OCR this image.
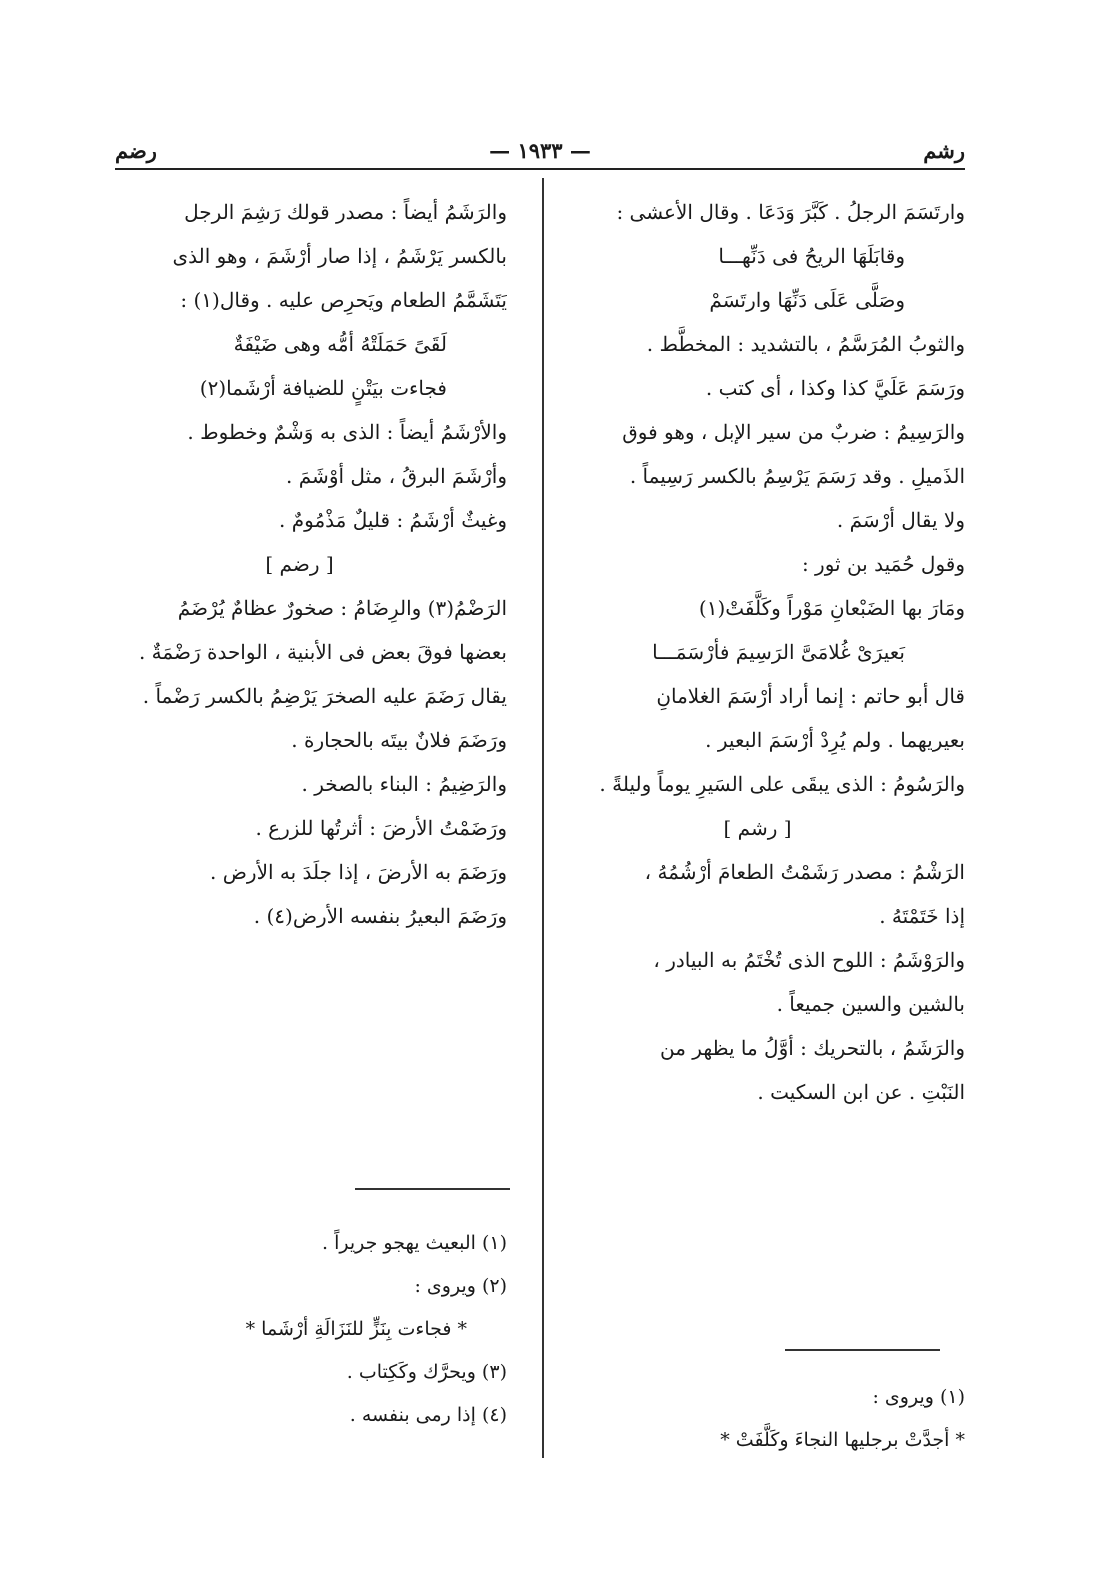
رشم
— ١٩٣٣ —
رضم
وارتَسَمَ الرجلُ . كَبَّرَ وَدَعَا . وقال الأعشى :
وقابَلَهَا الريحُ فى دَنِّهـــا
وصَلَّى عَلَى دَنِّهَا وارتَسَمْ
والثوبُ المُرَسَّمُ ، بالتشديد : المخطَّط .
ورَسَمَ عَلَيَّ كذا وكذا ، أى كتب .
والرَسِيمُ : ضربٌ من سير الإبل ، وهو فوق
الذَميلِ . وقد رَسَمَ يَرْسِمُ بالكسر رَسِيماً .
ولا يقال أرْسَمَ .
وقول حُمَيد بن ثور :
ومَارَ بها الضَبْعانِ مَوْراً وكَلَّفَتْ(١)
بَعيرَىْ غُلامَىَّ الرَسِيمَ فأرْسَمَـــا
قال أبو حاتم : إنما أراد أرْسَمَ الغلامانِ
بعيريهما . ولم يُرِدْ أرْسَمَ البعير .
والرَسُومُ : الذى يبقَى على السَيرِ يوماً وليلةً .
[ رشم ]
الرَشْمُ : مصدر رَشَمْتُ الطعامَ أرْشُمُهُ ،
إذا خَتَمْتَهُ .
والرَوْشَمُ : اللوح الذى تُخْتَمُ به البيادر ،
بالشين والسين جميعاً .
والرَشَمُ ، بالتحريك : أوَّلُ ما يظهر من
النَبْتِ . عن ابن السكيت .
والرَشَمُ أيضاً : مصدر قولك رَشِمَ الرجل
بالكسر يَرْشَمُ ، إذا صار أرْشَمَ ، وهو الذى
يَتَشَمَّمُ الطعام ويَحرِص عليه . وقال(١) :
لَقَىً حَمَلَتْهُ أمُّه وهى ضَيْفَةٌ
فجاءت بيَتْنٍ للضيافة أرْشَما(٢)
والأرْشَمُ أيضاً : الذى به وَشْمٌ وخطوط .
وأرْشَمَ البرقُ ، مثل أوْشَمَ .
وغيثٌ أرْشَمُ : قليلٌ مَذْمُومٌ .
[ رضم ]
الرَضْمُ(٣) والرِضَامُ : صخورٌ عظامٌ يُرْضَمُ
بعضها فوقَ بعض فى الأبنية ، الواحدة رَضْمَةٌ .
يقال رَضَمَ عليه الصخرَ يَرْضِمُ بالكسر رَضْماً .
ورَضَمَ فلانٌ بيتَه بالحجارة .
والرَضِيمُ : البناء بالصخر .
ورَضَمْتُ الأرضَ : أثرتُها للزرع .
ورَضَمَ به الأرضَ ، إذا جلَدَ به الأرض .
ورَضَمَ البعيرُ بنفسه الأرض(٤) .
(١) البعيث يهجو جريراً .
(٢) ويروى :
* فجاءت بِنَزٍّ للنَزَالَةِ أرْشَما *
(٣) ويحرَّك وكَكِتاب .
(٤) إذا رمى بنفسه .
(١) ويروى :
* أجدَّتْ برجليها النجاءَ وكَلَّفَتْ *
